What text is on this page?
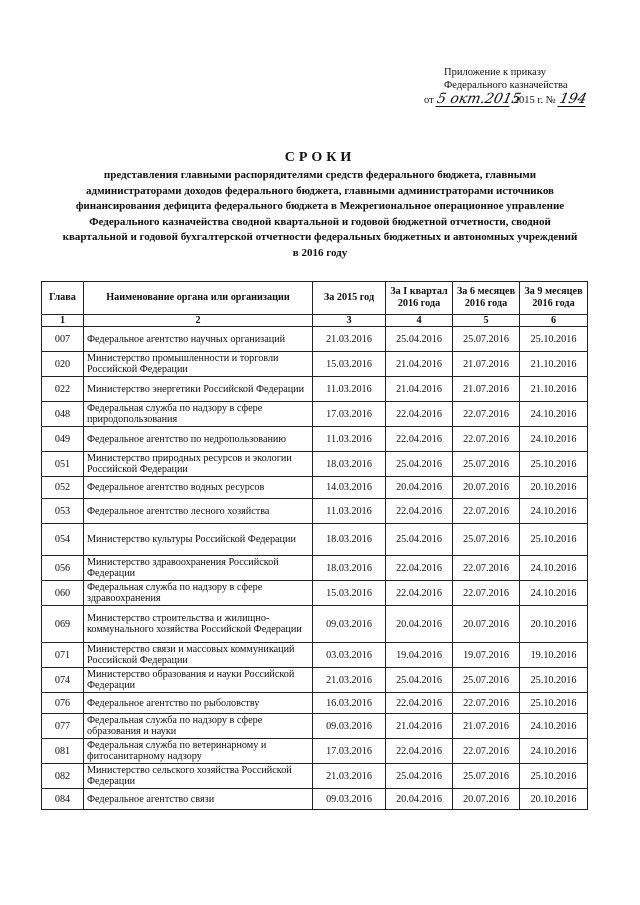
Приложение к приказу
Федерального казначейства
от 5 окт.2015
2015 г. № 194
СРОКИ
представления главными распорядителями средств федерального бюджета, главными администраторами доходов федерального бюджета, главными администраторами источников финансирования дефицита федерального бюджета в Межрегиональное операционное управление Федерального казначейства сводной квартальной и годовой бюджетной отчетности, сводной квартальной и годовой бухгалтерской отчетности федеральных бюджетных и автономных учреждений в 2016 году
Глава	Наименование органа или организации	За 2015 год	За I квартал 2016 года	За 6 месяцев 2016 года	За 9 месяцев 2016 года
1	2	3	4	5	6
007	Федеральное агентство научных организаций	21.03.2016	25.04.2016	25.07.2016	25.10.2016
020	Министерство промышленности и торговли Российской Федерации	15.03.2016	21.04.2016	21.07.2016	21.10.2016
022	Министерство энергетики Российской Федерации	11.03.2016	21.04.2016	21.07.2016	21.10.2016
048	Федеральная служба по надзору в сфере природопользования	17.03.2016	22.04.2016	22.07.2016	24.10.2016
049	Федеральное агентство по недропользованию	11.03.2016	22.04.2016	22.07.2016	24.10.2016
051	Министерство природных ресурсов и экологии Российской Федерации	18.03.2016	25.04.2016	25.07.2016	25.10.2016
052	Федеральное агентство водных ресурсов	14.03.2016	20.04.2016	20.07.2016	20.10.2016
053	Федеральное агентство лесного хозяйства	11.03.2016	22.04.2016	22.07.2016	24.10.2016
054	Министерство культуры Российской Федерации	18.03.2016	25.04.2016	25.07.2016	25.10.2016
056	Министерство здравоохранения Российской Федерации	18.03.2016	22.04.2016	22.07.2016	24.10.2016
060	Федеральная служба по надзору в сфере здравоохранения	15.03.2016	22.04.2016	22.07.2016	24.10.2016
069	Министерство строительства и жилищно-коммунального хозяйства Российской Федерации	09.03.2016	20.04.2016	20.07.2016	20.10.2016
071	Министерство связи и массовых коммуникаций Российской Федерации	03.03.2016	19.04.2016	19.07.2016	19.10.2016
074	Министерство образования и науки Российской Федерации	21.03.2016	25.04.2016	25.07.2016	25.10.2016
076	Федеральное агентство по рыболовству	16.03.2016	22.04.2016	22.07.2016	25.10.2016
077	Федеральная служба по надзору в сфере образования и науки	09.03.2016	21.04.2016	21.07.2016	24.10.2016
081	Федеральная служба по ветеринарному и фитосанитарному надзору	17.03.2016	22.04.2016	22.07.2016	24.10.2016
082	Министерство сельского хозяйства Российской Федерации	21.03.2016	25.04.2016	25.07.2016	25.10.2016
084	Федеральное агентство связи	09.03.2016	20.04.2016	20.07.2016	20.10.2016
